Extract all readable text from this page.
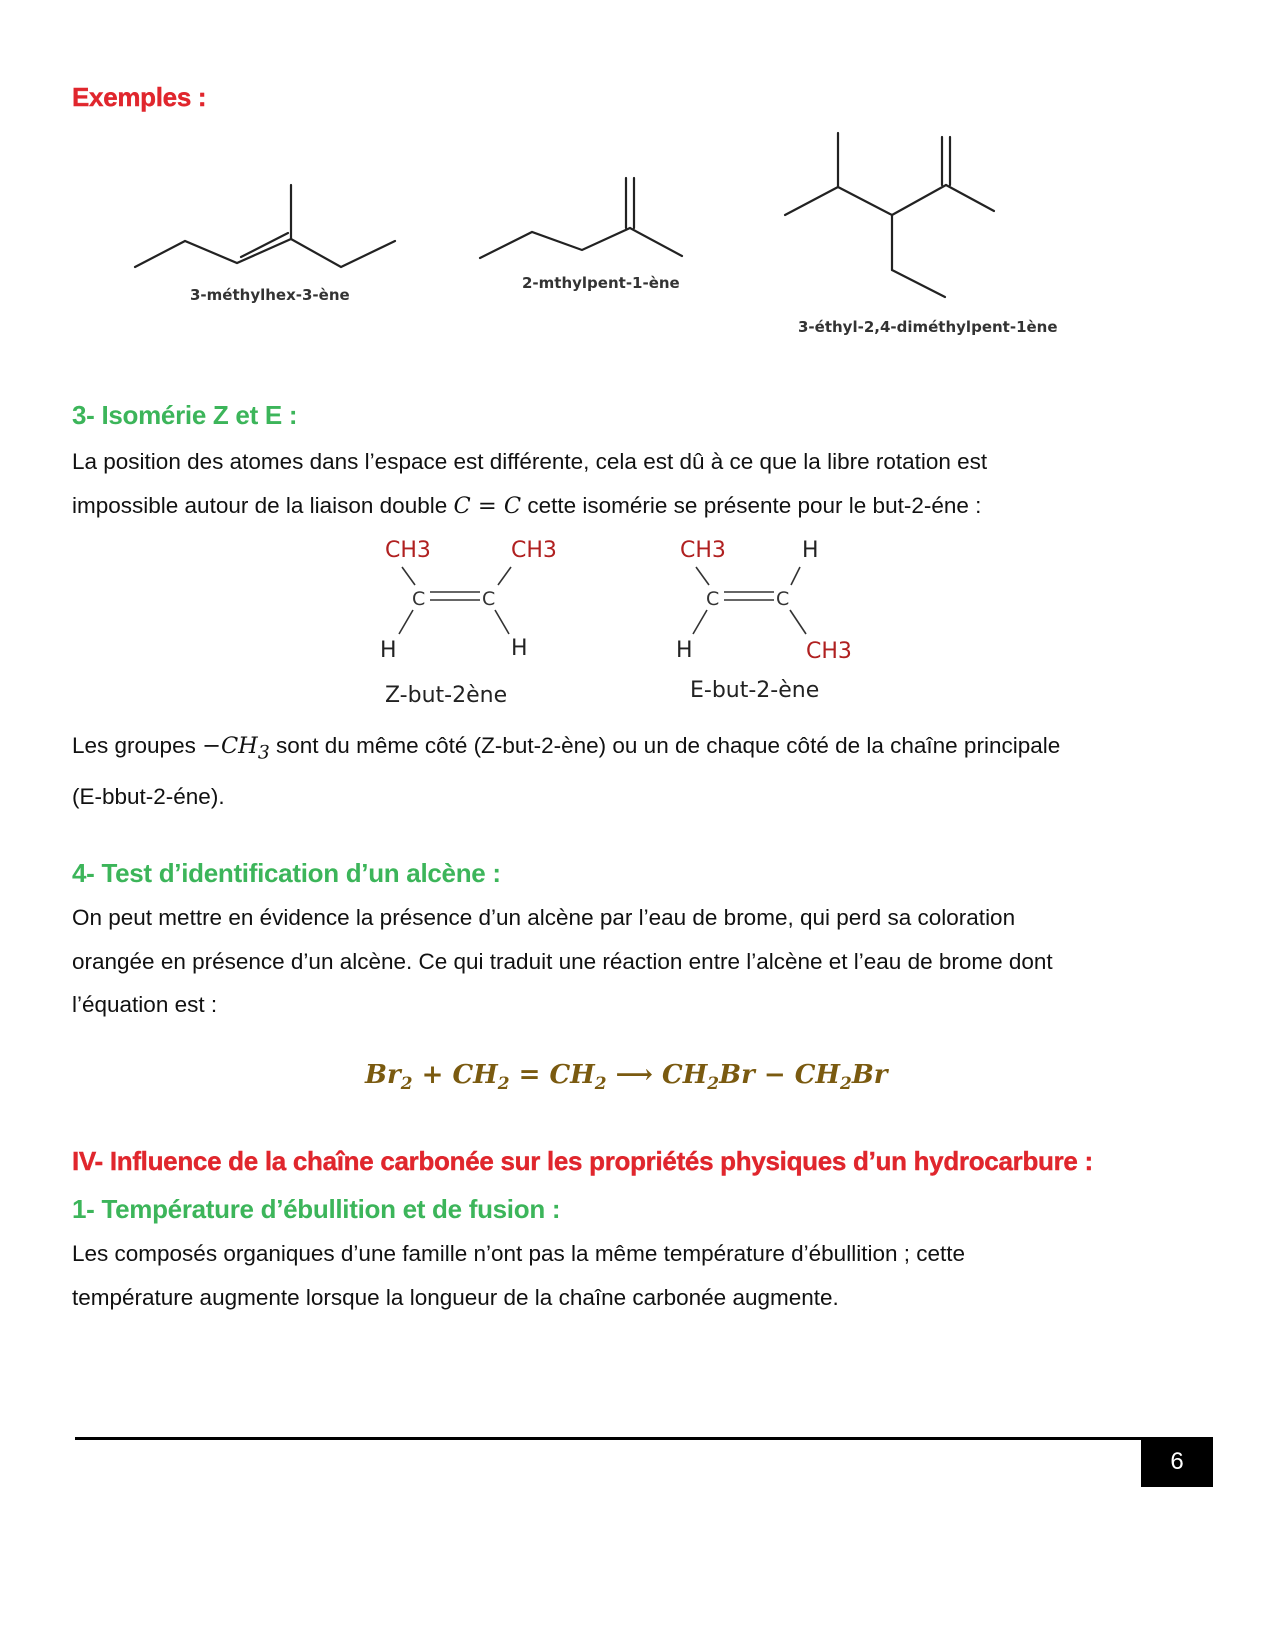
Exemples :
3-méthylhex-3-ène
2-mthylpent-1-ène
3-éthyl-2,4-diméthylpent-1ène
3- Isomérie Z et E :
La position des atomes dans l’espace est différente, cela est dû à ce que la libre rotation est
impossible autour de la liaison double C = C cette isomérie se présente pour le but-2-éne :
CH3	CH3
C	C
H	H
Z-but-2ène
CH3	H
C	C
H	CH3
E-but-2-ène
Les groupes $-CH_3$ sont du même côté (Z-but-2-ène) ou un de chaque côté de la chaîne principale
(E-bbut-2-éne).
4- Test d’identification d’un alcène :
On peut mettre en évidence la présence d’un alcène par l’eau de brome, qui perd sa coloration
orangée en présence d’un alcène. Ce qui traduit une réaction entre l’alcène et l’eau de brome dont
l’équation est :
$Br_2 + CH_2 = CH_2$ ⟶ $CH_2Br - CH_2Br$
IV- Influence de la chaîne carbonée sur les propriétés physiques d’un hydrocarbure :
1- Température d’ébullition et de fusion :
Les composés organiques d’une famille n’ont pas la même température d’ébullition ; cette
température augmente lorsque la longueur de la chaîne carbonée augmente.
6
